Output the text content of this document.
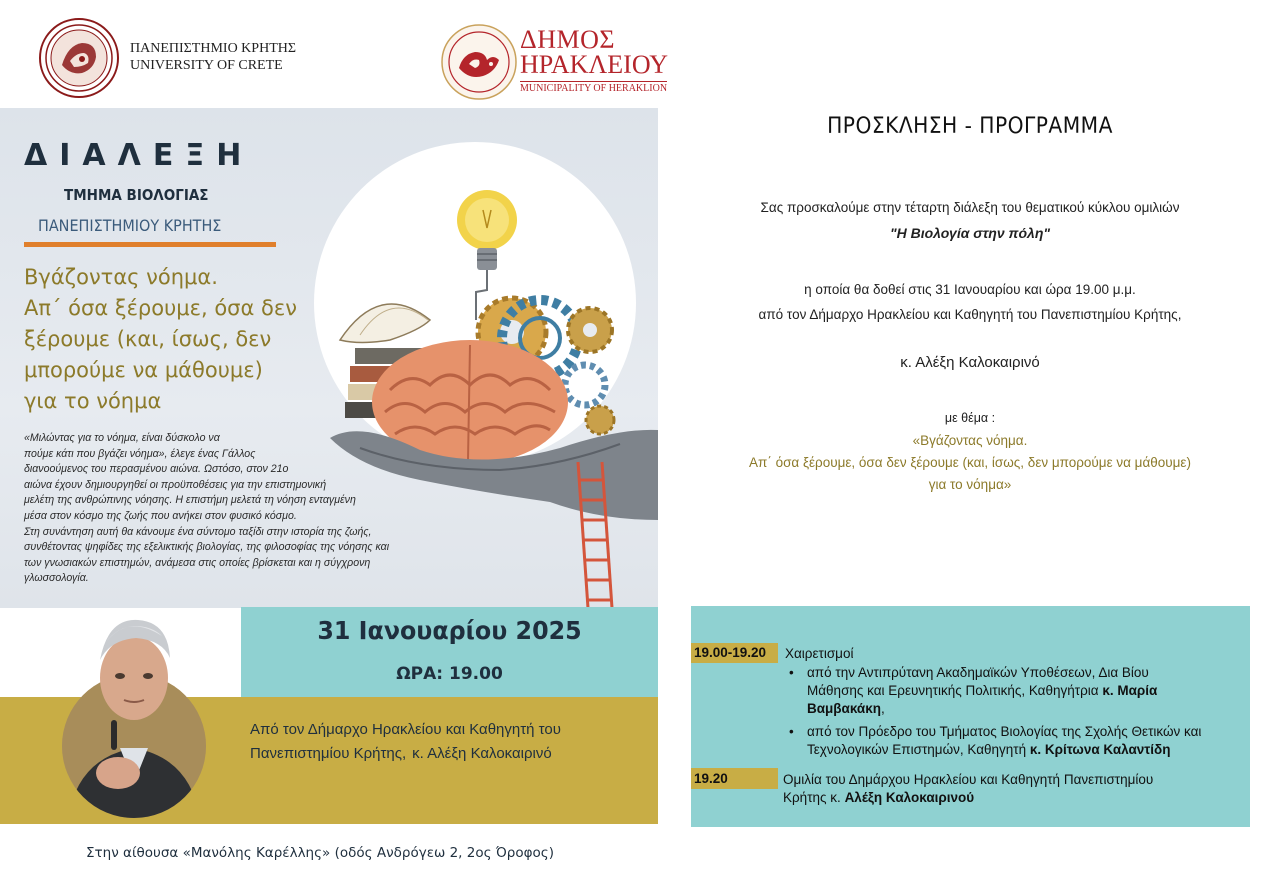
ΠΑΝΕΠΙΣΤΗΜΙΟ ΚΡΗΤΗΣ
UNIVERSITY OF CRETE
ΔΗΜΟΣ
ΗΡΑΚΛΕΙΟΥ
MUNICIPALITY OF HERAKLION
ΔΙΑΛΕΞΗ
ΤΜΗΜΑ ΒΙΟΛΟΓΙΑΣ
ΠΑΝΕΠΙΣΤΗΜΙΟΥ ΚΡΗΤΗΣ
Βγάζοντας νόημα.
Απ΄ όσα ξέρουμε, όσα δεν
ξέρουμε (και, ίσως, δεν
μπορούμε να μάθουμε)
για το νόημα
«Μιλώντας για το νόημα, είναι δύσκολο να
πούμε κάτι που βγάζει νόημα», έλεγε ένας Γάλλος
διανοούμενος του περασμένου αιώνα. Ωστόσο, στον 21ο
αιώνα έχουν δημιουργηθεί οι προϋποθέσεις για την επιστημονική
μελέτη της ανθρώπινης νόησης. Η επιστήμη μελετά τη νόηση ενταγμένη
μέσα στον κόσμο της ζωής που ανήκει στον φυσικό κόσμο.
Στη συνάντηση αυτή θα κάνουμε ένα σύντομο ταξίδι στην ιστορία της ζωής,
συνθέτοντας ψηφίδες της εξελικτικής βιολογίας, της φιλοσοφίας της νόησης και
των γνωσιακών επιστημών, ανάμεσα στις οποίες βρίσκεται και η σύγχρονη
γλωσσολογία.
31 Ιανουαρίου 2025
ΩΡΑ: 19.00
Από τον Δήμαρχο Ηρακλείου και Καθηγητή του
Πανεπιστημίου Κρήτης, κ. Αλέξη Καλοκαιρινό
Στην αίθουσα «Μανόλης Καρέλλης» (οδός Ανδρόγεω 2, 2ος Όροφος)
ΠΡΟΣΚΛΗΣΗ - ΠΡΟΓΡΑΜΜΑ
Σας προσκαλούμε στην τέταρτη διάλεξη του θεματικού κύκλου ομιλιών
"Η Βιολογία στην πόλη"
η οποία θα δοθεί στις 31 Ιανουαρίου και ώρα 19.00 μ.μ.
από τον Δήμαρχο Ηρακλείου και Καθηγητή του Πανεπιστημίου Κρήτης,
κ. Αλέξη Καλοκαιρινό
με θέμα :
«Βγάζοντας νόημα.
Απ΄ όσα ξέρουμε, όσα δεν ξέρουμε (και, ίσως, δεν μπορούμε να μάθουμε)
για το νόημα»
19.00-19.20	Χαιρετισμοί
• από την Αντιπρύτανη Ακαδημαϊκών Υποθέσεων, Δια Βίου
Μάθησης και Ερευνητικής Πολιτικής, Καθηγήτρια κ. Μαρία
Βαμβακάκη,
• από τον Πρόεδρο του Τμήματος Βιολογίας της Σχολής Θετικών και
Τεχνολογικών Επιστημών, Καθηγητή κ. Κρίτωνα Καλαντίδη
19.20	Ομιλία του Δημάρχου Ηρακλείου και Καθηγητή Πανεπιστημίου
Κρήτης κ. Αλέξη Καλοκαιρινού
